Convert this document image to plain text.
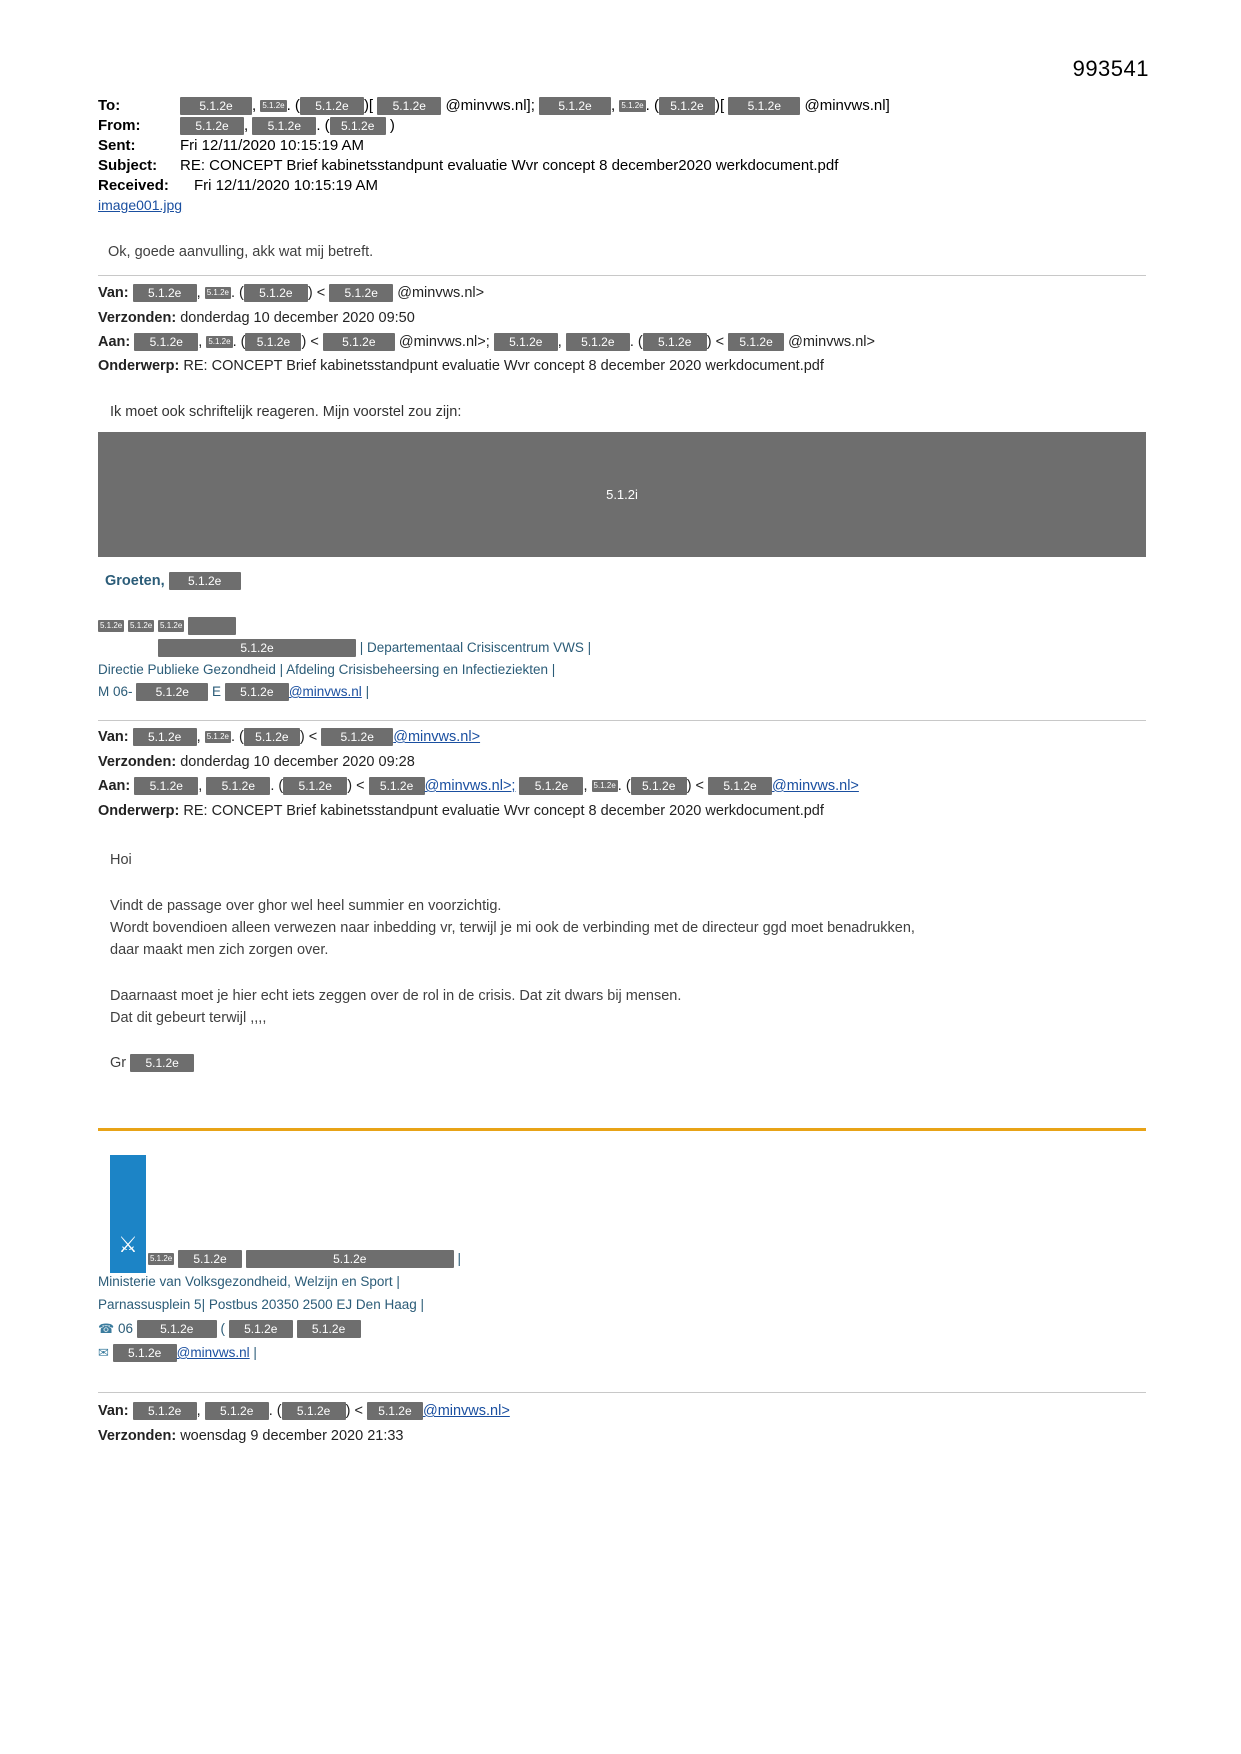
993541
To:	5.1.2e , 5.1.2e . ( 5.1.2e )[ 5.1.2e @minvws.nl]; 5.1.2e , 5.1.2e . ( 5.1.2e )[ 5.1.2e @minvws.nl]
From:	5.1.2e , 5.1.2e . ( 5.1.2e )
Sent:	Fri 12/11/2020 10:15:19 AM
Subject:	RE: CONCEPT Brief kabinetsstandpunt evaluatie Wvr concept 8 december2020 werkdocument.pdf
Received:	Fri 12/11/2020 10:15:19 AM
image001.jpg
Ok, goede aanvulling, akk wat mij betreft.
Van: 5.1.2e , 5.1.2e . ( 5.1.2e ) < 5.1.2e @minvws.nl>
Verzonden: donderdag 10 december 2020 09:50
Aan: 5.1.2e , 5.1.2e . ( 5.1.2e ) < 5.1.2e @minvws.nl>; 5.1.2e , 5.1.2e . ( 5.1.2e ) < 5.1.2e @minvws.nl>
Onderwerp: RE: CONCEPT Brief kabinetsstandpunt evaluatie Wvr concept 8 december 2020 werkdocument.pdf
Ik moet ook schriftelijk reageren. Mijn voorstel zou zijn:
5.1.2i
Groeten, 5.1.2e
5.1.2e 5.1.2e 5.1.2e
5.1.2e	| Departementaal Crisiscentrum VWS |
Directie Publieke Gezondheid | Afdeling Crisisbeheersing en Infectieziekten |
M 06- 5.1.2e E 5.1.2e @minvws.nl |
Van: 5.1.2e , 5.1.2e . ( 5.1.2e ) < 5.1.2e @minvws.nl>
Verzonden: donderdag 10 december 2020 09:28
Aan: 5.1.2e , 5.1.2e . ( 5.1.2e ) < 5.1.2e @minvws.nl>; 5.1.2e , 5.1.2e . ( 5.1.2e ) < 5.1.2e @minvws.nl>
Onderwerp: RE: CONCEPT Brief kabinetsstandpunt evaluatie Wvr concept 8 december 2020 werkdocument.pdf
Hoi
Vindt de passage over ghor wel heel summier en voorzichtig.
Wordt bovendioen alleen verwezen naar inbedding vr, terwijl je mi ook de verbinding met de directeur ggd moet benadrukken,
daar maakt men zich zorgen over.
Daarnaast moet je hier echt iets zeggen over de rol in de crisis. Dat zit dwars bij mensen.
Dat dit gebeurt terwijl ,,,,
Gr 5.1.2e
⚔
5.1.2e 5.1.2e	5.1.2e	|
Ministerie van Volksgezondheid, Welzijn en Sport |
Parnassusplein 5| Postbus 20350 2500 EJ Den Haag |
☎ 06 5.1.2e ( 5.1.2e	5.1.2e
✉ 5.1.2e @minvws.nl |
Van: 5.1.2e , 5.1.2e . ( 5.1.2e ) < 5.1.2e @minvws.nl>
Verzonden: woensdag 9 december 2020 21:33
